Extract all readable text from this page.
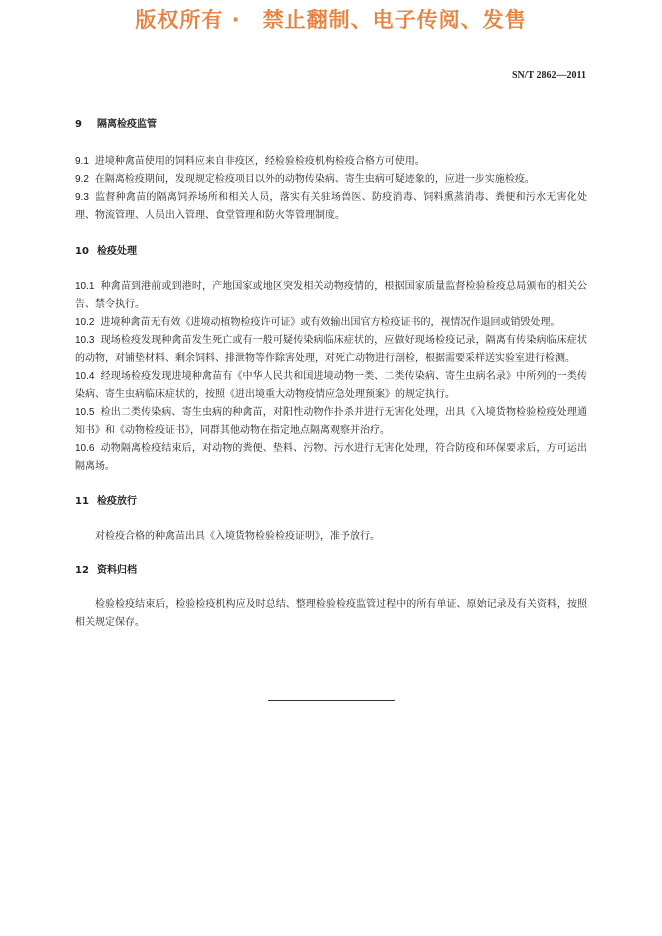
版权所有 ·　禁止翻制、电子传阅、发售
SN/T 2862—2011

9 隔离检疫监管

9.1 进境种禽苗使用的饲料应来自非疫区，经检验检疫机构检疫合格方可使用。

9.2 在隔离检疫期间，发现规定检疫项目以外的动物传染病、寄生虫病可疑迹象的，应进一步实施检疫。

9.3 监督种禽苗的隔离饲养场所和相关人员，落实有关驻场兽医、防疫消毒、饲料熏蒸消毒、粪便和污水无害化处理、物流管理、人员出入管理、食堂管理和防火等管理制度。

10 检疫处理

10.1 种禽苗到港前或到港时，产地国家或地区突发相关动物疫情的，根据国家质量监督检验检疫总局颁布的相关公告、禁令执行。

10.2 进境种禽苗无有效《进境动植物检疫许可证》或有效输出国官方检疫证书的，视情况作退回或销毁处理。

10.3 现场检疫发现种禽苗发生死亡或有一般可疑传染病临床症状的，应做好现场检疫记录，隔离有传染病临床症状的动物，对铺垫材料、剩余饲料、排泄物等作除害处理，对死亡动物进行剖检，根据需要采样送实验室进行检测。

10.4 经现场检疫发现进境种禽苗有《中华人民共和国进境动物一类、二类传染病、寄生虫病名录》中所列的一类传染病、寄生虫病临床症状的，按照《进出境重大动物疫情应急处理预案》的规定执行。

10.5 检出二类传染病、寄生虫病的种禽苗，对阳性动物作扑杀并进行无害化处理，出具《入境货物检验检疫处理通知书》和《动物检疫证书》，同群其他动物在指定地点隔离观察并治疗。

10.6 动物隔离检疫结束后，对动物的粪便、垫料、污物、污水进行无害化处理，符合防疫和环保要求后，方可运出隔离场。

11 检疫放行

对检疫合格的种禽苗出具《入境货物检验检疫证明》，准予放行。

12 资料归档

检验检疫结束后，检验检疫机构应及时总结、整理检验检疫监管过程中的所有单证、原始记录及有关资料，按照相关规定保存。
